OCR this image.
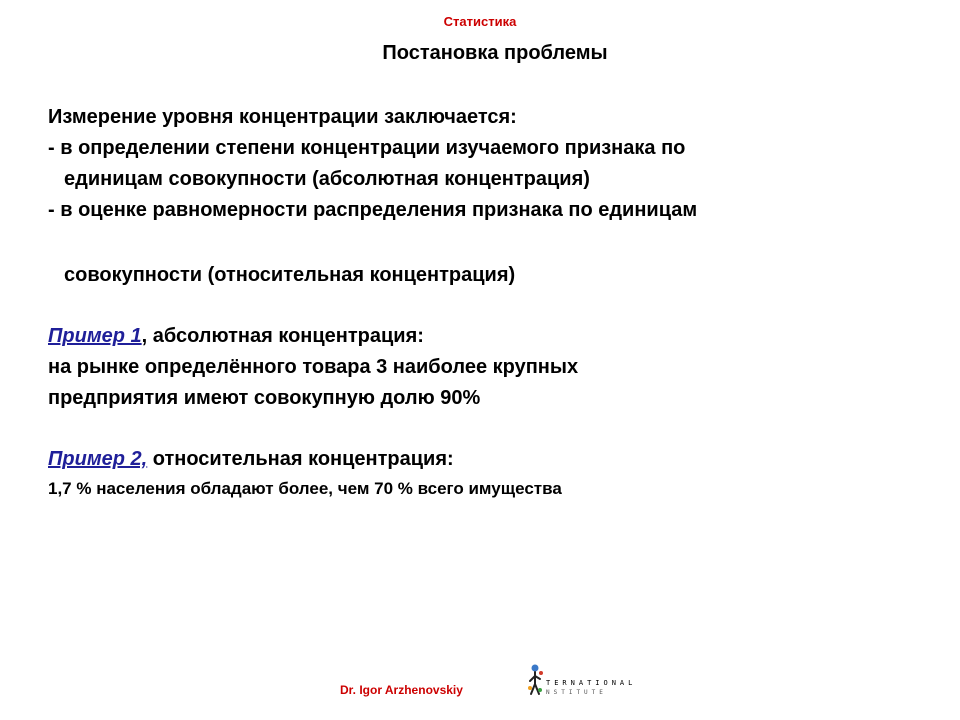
Статистика
Постановка проблемы
Измерение уровня концентрации заключается:
- в определении степени концентрации изучаемого признака по
единицам совокупности (абсолютная концентрация)
- в оценке равномерности распределения признака по единицам
совокупности (относительная концентрация)
Пример 1, абсолютная концентрация:
на рынке определённого товара 3 наиболее крупных
предприятия имеют совокупную долю 90%
Пример 2, относительная концентрация:
1,7 % населения обладают более, чем 70 % всего имущества
Dr. Igor Arzhenovskiy	TERNATIONAL
NSTITUTE
